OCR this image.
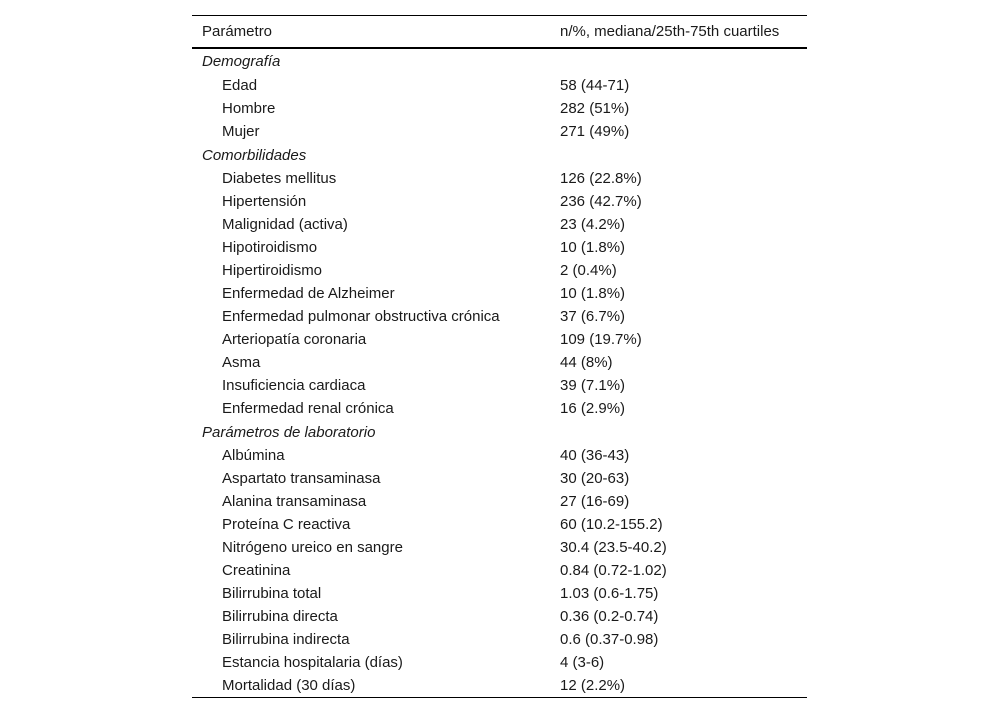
Parámetro	n/%, mediana/25th-75th cuartiles
Demografía	
Edad	58 (44-71)
Hombre	282 (51%)
Mujer	271 (49%)
Comorbilidades	
Diabetes mellitus	126 (22.8%)
Hipertensión	236 (42.7%)
Malignidad (activa)	23 (4.2%)
Hipotiroidismo	10 (1.8%)
Hipertiroidismo	2 (0.4%)
Enfermedad de Alzheimer	10 (1.8%)
Enfermedad pulmonar obstructiva crónica	37 (6.7%)
Arteriopatía coronaria	109 (19.7%)
Asma	44 (8%)
Insuficiencia cardiaca	39 (7.1%)
Enfermedad renal crónica	16 (2.9%)
Parámetros de laboratorio	
Albúmina	40 (36-43)
Aspartato transaminasa	30 (20-63)
Alanina transaminasa	27 (16-69)
Proteína C reactiva	60 (10.2-155.2)
Nitrógeno ureico en sangre	30.4 (23.5-40.2)
Creatinina	0.84 (0.72-1.02)
Bilirrubina total	1.03 (0.6-1.75)
Bilirrubina directa	0.36 (0.2-0.74)
Bilirrubina indirecta	0.6 (0.37-0.98)
Estancia hospitalaria (días)	4 (3-6)
Mortalidad (30 días)	12 (2.2%)
